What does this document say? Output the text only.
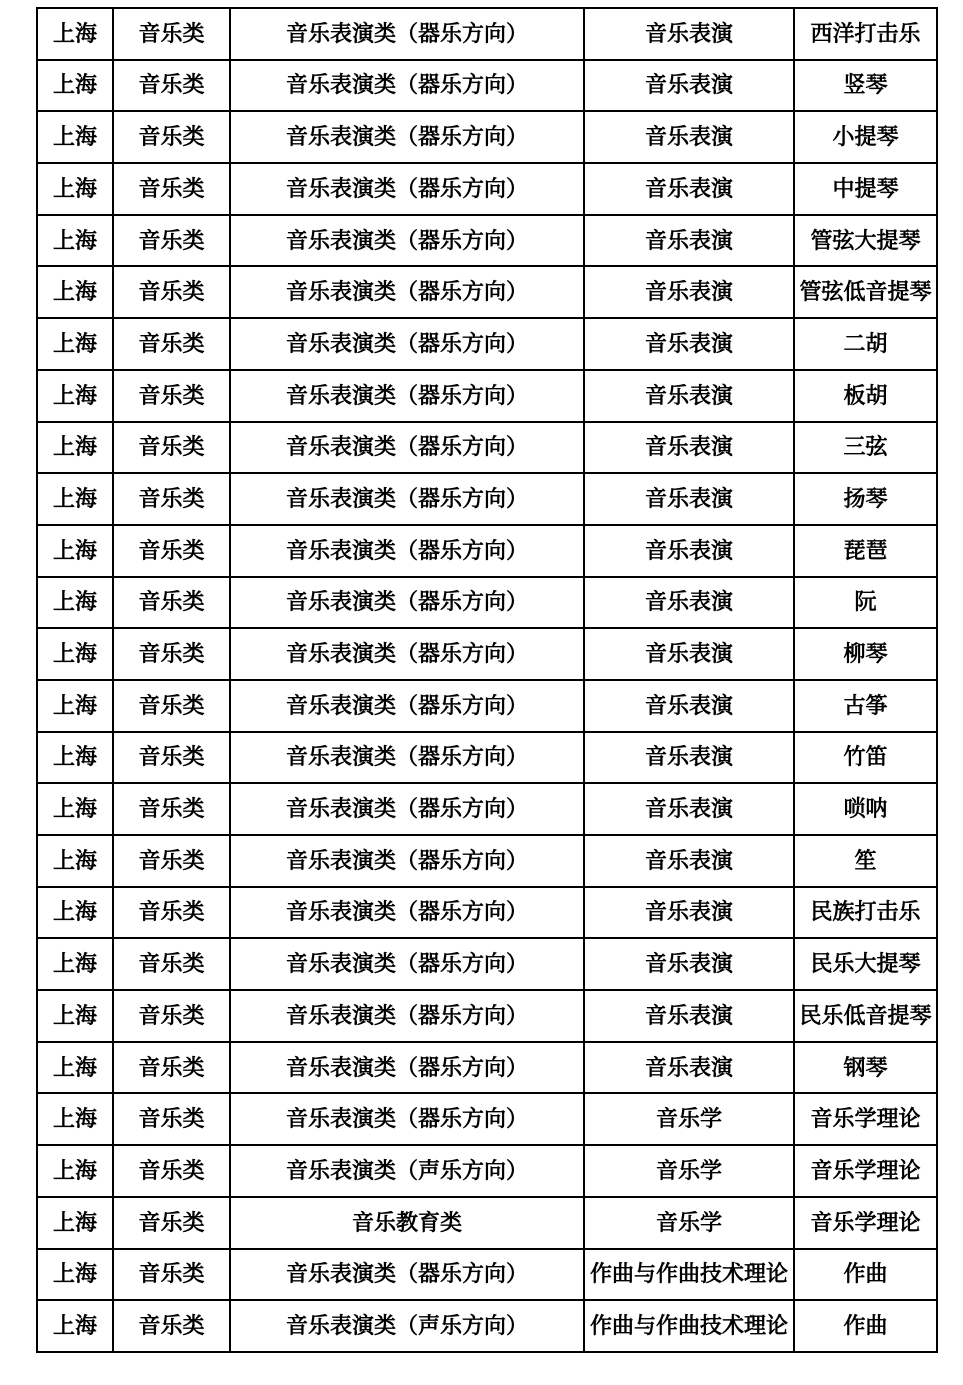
上海	音乐类	音乐表演类（器乐方向）	音乐表演	西洋打击乐
上海	音乐类	音乐表演类（器乐方向）	音乐表演	竖琴
上海	音乐类	音乐表演类（器乐方向）	音乐表演	小提琴
上海	音乐类	音乐表演类（器乐方向）	音乐表演	中提琴
上海	音乐类	音乐表演类（器乐方向）	音乐表演	管弦大提琴
上海	音乐类	音乐表演类（器乐方向）	音乐表演	管弦低音提琴
上海	音乐类	音乐表演类（器乐方向）	音乐表演	二胡
上海	音乐类	音乐表演类（器乐方向）	音乐表演	板胡
上海	音乐类	音乐表演类（器乐方向）	音乐表演	三弦
上海	音乐类	音乐表演类（器乐方向）	音乐表演	扬琴
上海	音乐类	音乐表演类（器乐方向）	音乐表演	琵琶
上海	音乐类	音乐表演类（器乐方向）	音乐表演	阮
上海	音乐类	音乐表演类（器乐方向）	音乐表演	柳琴
上海	音乐类	音乐表演类（器乐方向）	音乐表演	古筝
上海	音乐类	音乐表演类（器乐方向）	音乐表演	竹笛
上海	音乐类	音乐表演类（器乐方向）	音乐表演	唢呐
上海	音乐类	音乐表演类（器乐方向）	音乐表演	笙
上海	音乐类	音乐表演类（器乐方向）	音乐表演	民族打击乐
上海	音乐类	音乐表演类（器乐方向）	音乐表演	民乐大提琴
上海	音乐类	音乐表演类（器乐方向）	音乐表演	民乐低音提琴
上海	音乐类	音乐表演类（器乐方向）	音乐表演	钢琴
上海	音乐类	音乐表演类（器乐方向）	音乐学	音乐学理论
上海	音乐类	音乐表演类（声乐方向）	音乐学	音乐学理论
上海	音乐类	音乐教育类	音乐学	音乐学理论
上海	音乐类	音乐表演类（器乐方向）	作曲与作曲技术理论	作曲
上海	音乐类	音乐表演类（声乐方向）	作曲与作曲技术理论	作曲
